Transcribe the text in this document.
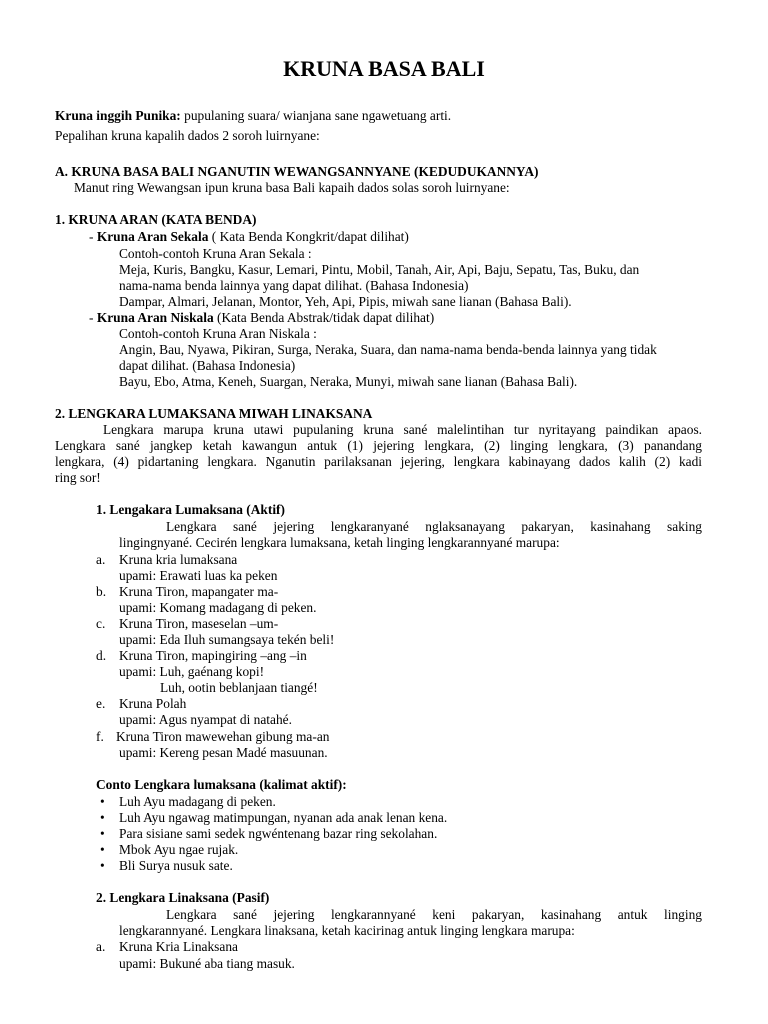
KRUNA BASA BALI
Kruna inggih Punika: pupulaning suara/ wianjana sane ngawetuang arti.
Pepalihan kruna kapalih dados 2 soroh luirnyane:
A. KRUNA BASA BALI NGANUTIN WEWANGSANNYANE (KEDUDUKANNYA)
Manut ring Wewangsan ipun kruna basa Bali kapaih dados solas soroh luirnyane:
1. KRUNA ARAN (KATA BENDA)
- Kruna Aran Sekala ( Kata Benda Kongkrit/dapat dilihat)
Contoh-contoh Kruna Aran Sekala :
Meja, Kuris, Bangku, Kasur, Lemari, Pintu, Mobil, Tanah, Air, Api, Baju, Sepatu, Tas, Buku, dan
nama-nama benda lainnya yang dapat dilihat. (Bahasa Indonesia)
Dampar, Almari, Jelanan, Montor, Yeh, Api, Pipis, miwah sane lianan (Bahasa Bali).
- Kruna Aran Niskala (Kata Benda Abstrak/tidak dapat dilihat)
Contoh-contoh Kruna Aran Niskala :
Angin, Bau, Nyawa, Pikiran, Surga, Neraka, Suara, dan nama-nama benda-benda lainnya yang tidak
dapat dilihat. (Bahasa Indonesia)
Bayu, Ebo, Atma, Keneh, Suargan, Neraka, Munyi, miwah sane lianan (Bahasa Bali).
2. LENGKARA LUMAKSANA MIWAH LINAKSANA
Lengkara marupa kruna utawi pupulaning kruna sané malelintihan tur nyritayang paindikan apaos.
Lengkara sané jangkep ketah kawangun antuk (1) jejering lengkara, (2) linging lengkara, (3) panandang
lengkara, (4) pidartaning lengkara. Nganutin parilaksanan jejering, lengkara kabinayang dados kalih (2) kadi
ring sor!
1. Lengakara Lumaksana (Aktif)
Lengkara sané jejering lengkaranyané nglaksanayang pakaryan, kasinahang saking
lingingnyané. Cecirén lengkara lumaksana, ketah linging lengkarannyané marupa:
a. Kruna kria lumaksana
upami: Erawati luas ka peken
b. Kruna Tiron, mapangater ma-
upami: Komang madagang di peken.
c. Kruna Tiron, maseselan –um-
upami: Eda Iluh sumangsaya tekén beli!
d. Kruna Tiron, mapingiring –ang –in
upami: Luh, gaénang kopi!
Luh, ootin beblanjaan tiangé!
e. Kruna Polah
upami: Agus nyampat di natahé.
f. Kruna Tiron mawewehan gibung ma-an
upami: Kereng pesan Madé masuunan.
Conto Lengkara lumaksana (kalimat aktif):
• Luh Ayu madagang di peken.
• Luh Ayu ngawag matimpungan, nyanan ada anak lenan kena.
• Para sisiane sami sedek ngwéntenang bazar ring sekolahan.
• Mbok Ayu ngae rujak.
• Bli Surya nusuk sate.
2. Lengkara Linaksana (Pasif)
Lengkara sané jejering lengkarannyané keni pakaryan, kasinahang antuk linging
lengkarannyané. Lengkara linaksana, ketah kacirinag antuk linging lengkara marupa:
a. Kruna Kria Linaksana
upami: Bukuné aba tiang masuk.
